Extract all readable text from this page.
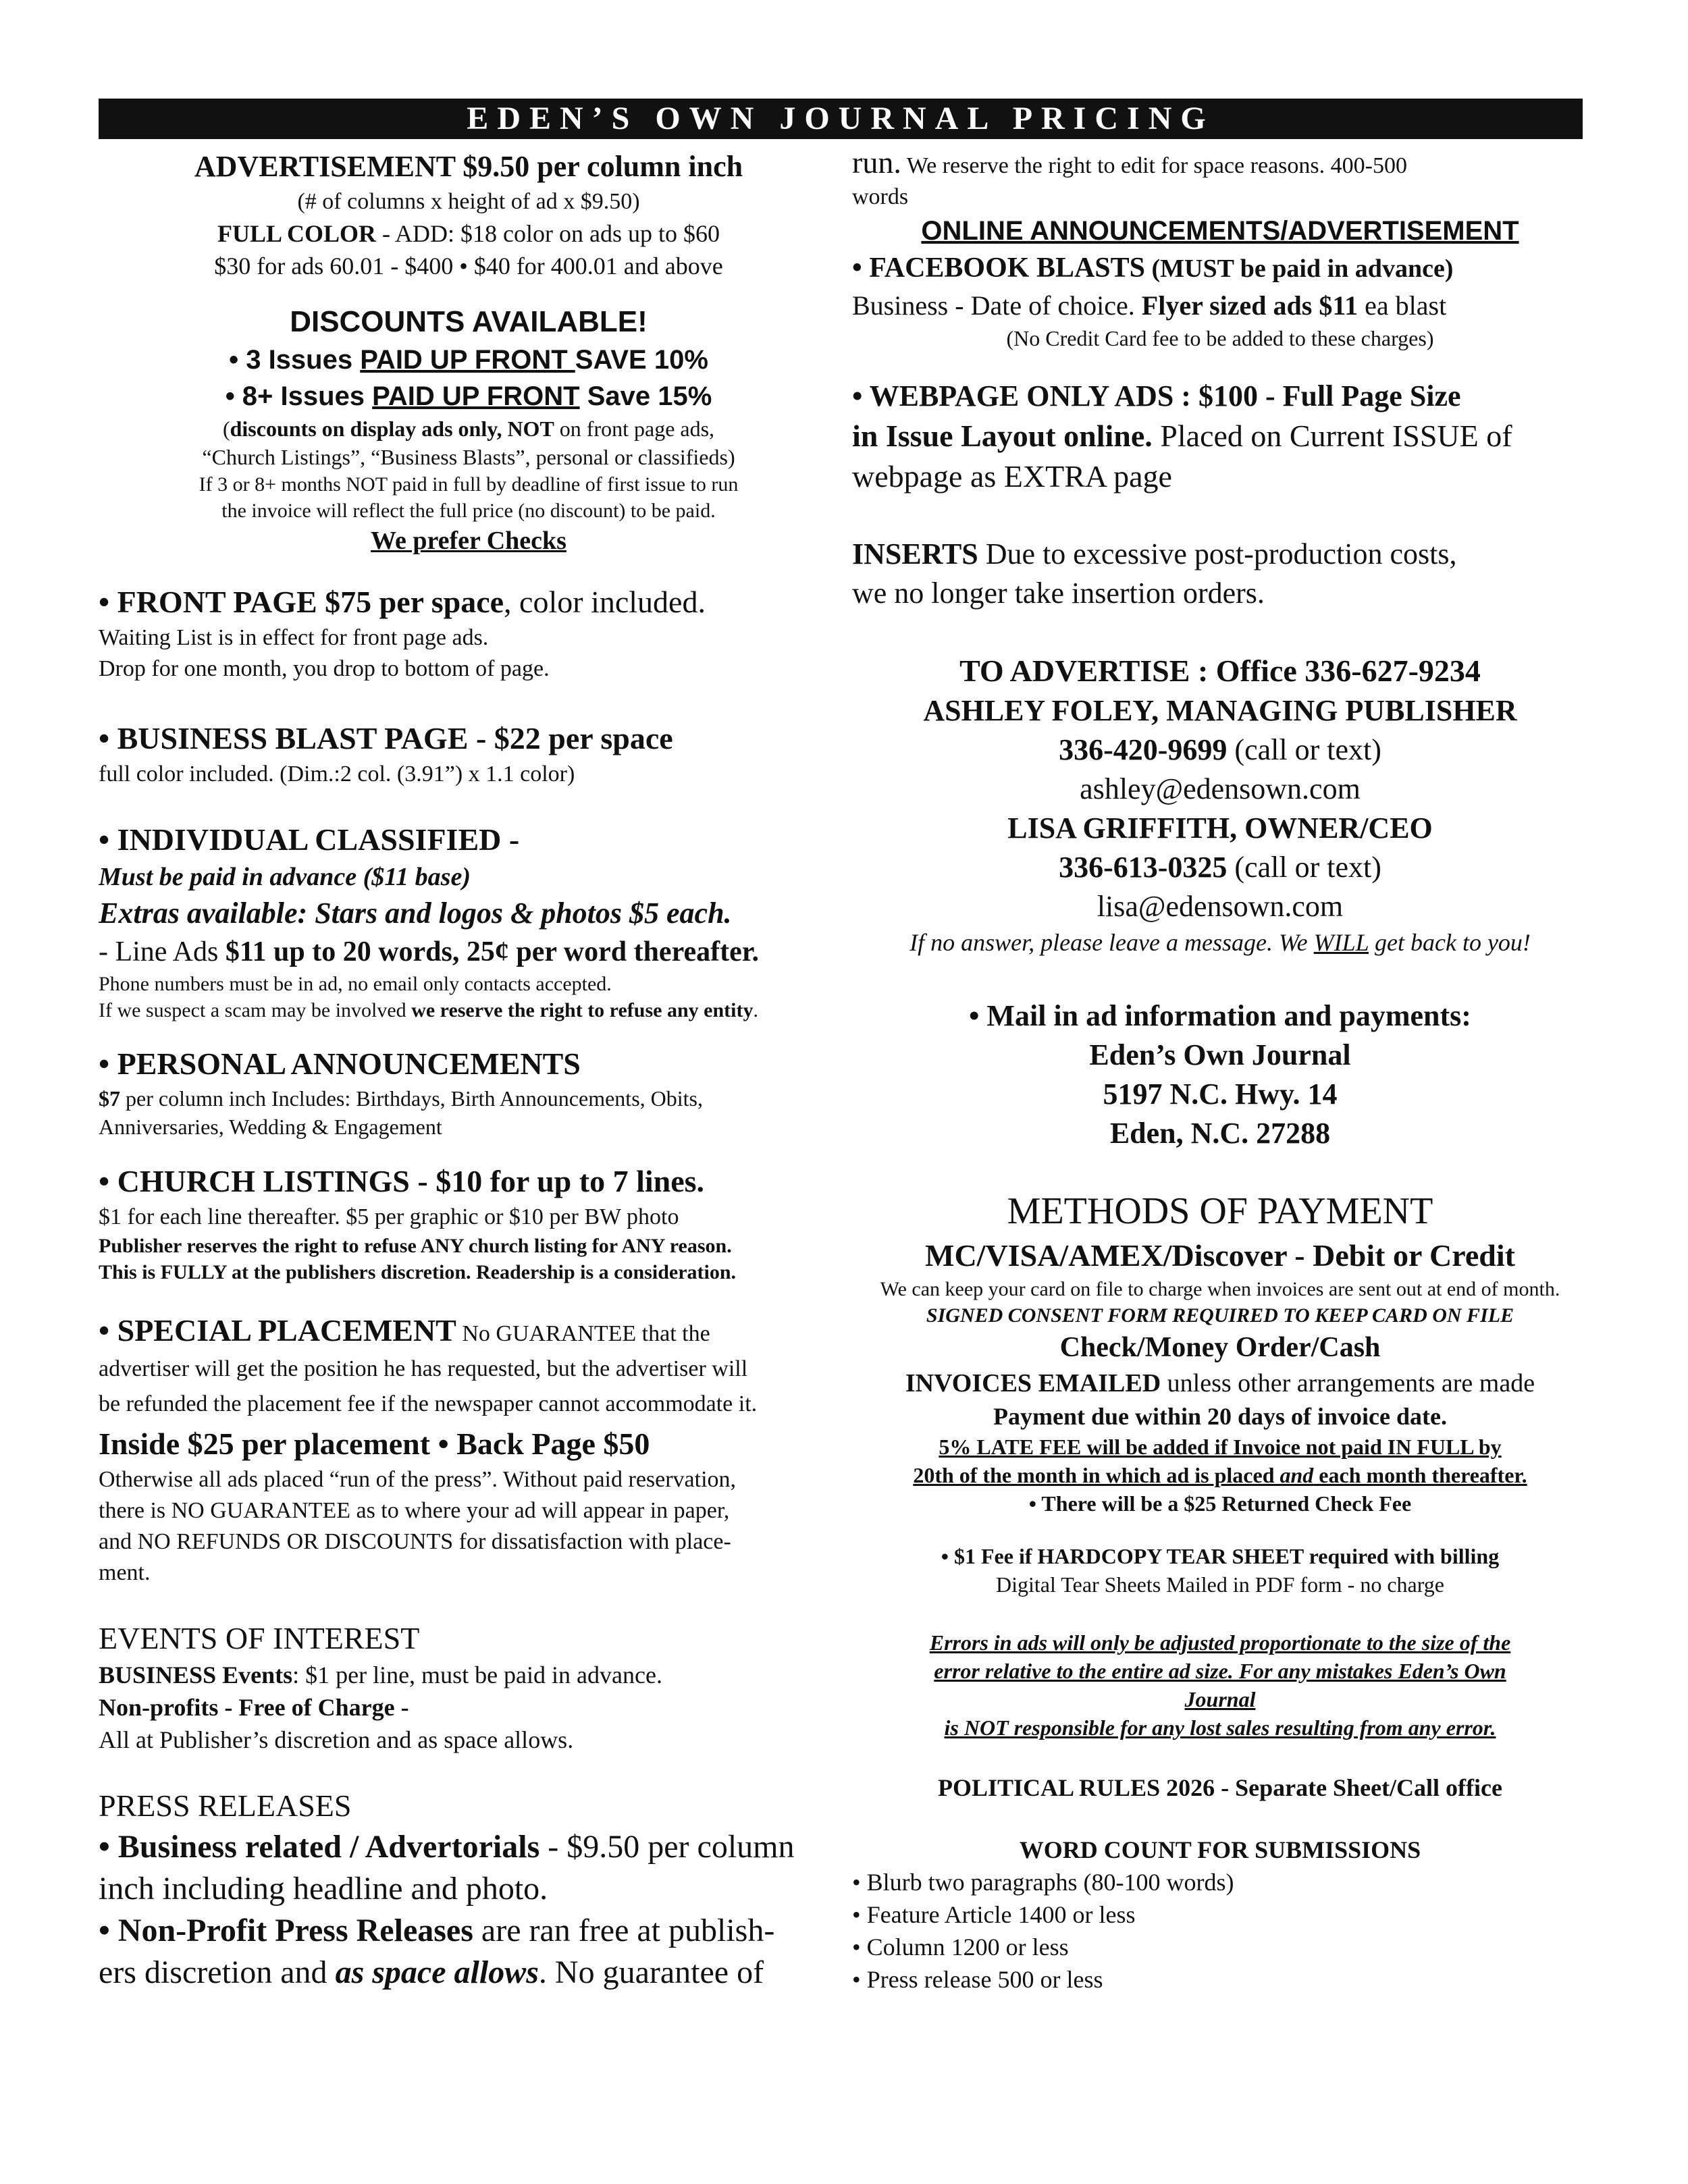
EDEN’S OWN JOURNAL PRICING

ADVERTISEMENT $9.50 per column inch

(# of columns x height of ad x $9.50)

FULL COLOR - ADD: $18 color on ads up to $60

$30 for ads 60.01 - $400 • $40 for 400.01 and above

DISCOUNTS AVAILABLE!

• 3 Issues PAID UP FRONT SAVE 10%

• 8+ Issues PAID UP FRONT Save 15%

(discounts on display ads only, NOT on front page ads,

“Church Listings”, “Business Blasts”, personal or classifieds)

If 3 or 8+ months NOT paid in full by deadline of first issue to run

the invoice will reflect the full price (no discount) to be paid.

We prefer Checks

• FRONT PAGE $75 per space, color included.

Waiting List is in effect for front page ads.

Drop for one month, you drop to bottom of page.

• BUSINESS BLAST PAGE - $22 per space

full color included. (Dim.:2 col. (3.91”) x 1.1 color)

• INDIVIDUAL CLASSIFIED -

Must be paid in advance ($11 base)

Extras available: Stars and logos & photos $5 each.

- Line Ads $11 up to 20 words, 25¢ per word thereafter.

Phone numbers must be in ad, no email only contacts accepted.

If we suspect a scam may be involved we reserve the right to refuse any entity.

• PERSONAL ANNOUNCEMENTS

$7 per column inch Includes: Birthdays, Birth Announcements, Obits,

Anniversaries, Wedding & Engagement

• CHURCH LISTINGS - $10 for up to 7 lines.

$1 for each line thereafter. $5 per graphic or $10 per BW photo

Publisher reserves the right to refuse ANY church listing for ANY reason.

This is FULLY at the publishers discretion. Readership is a consideration.

• SPECIAL PLACEMENT No GUARANTEE that the

advertiser will get the position he has requested, but the advertiser will

be refunded the placement fee if the newspaper cannot accommodate it.

Inside $25 per placement • Back Page $50

Otherwise all ads placed “run of the press”. Without paid reservation,

there is NO GUARANTEE as to where your ad will appear in paper,

and NO REFUNDS OR DISCOUNTS for dissatisfaction with place-

ment.

EVENTS OF INTEREST

BUSINESS Events: $1 per line, must be paid in advance.

Non-profits - Free of Charge -

All at Publisher’s discretion and as space allows.

PRESS RELEASES

• Business related / Advertorials - $9.50 per column

inch including headline and photo.

• Non-Profit Press Releases are ran free at publish-

ers discretion and as space allows. No guarantee of

run. We reserve the right to edit for space reasons. 400-500

words

ONLINE ANNOUNCEMENTS/ADVERTISEMENT

• FACEBOOK BLASTS (MUST be paid in advance)

Business - Date of choice. Flyer sized ads $11 ea blast

(No Credit Card fee to be added to these charges)

• WEBPAGE ONLY ADS : $100 - Full Page Size

in Issue Layout online. Placed on Current ISSUE of

webpage as EXTRA page

INSERTS Due to excessive post-production costs,

we no longer take insertion orders.

TO ADVERTISE : Office 336-627-9234

ASHLEY FOLEY, MANAGING PUBLISHER

336-420-9699 (call or text)

ashley@edensown.com

LISA GRIFFITH, OWNER/CEO

336-613-0325 (call or text)

lisa@edensown.com

If no answer, please leave a message. We WILL get back to you!

• Mail in ad information and payments:

Eden’s Own Journal

5197 N.C. Hwy. 14

Eden, N.C. 27288

METHODS OF PAYMENT

MC/VISA/AMEX/Discover - Debit or Credit

We can keep your card on file to charge when invoices are sent out at end of month.

SIGNED CONSENT FORM REQUIRED TO KEEP CARD ON FILE

Check/Money Order/Cash

INVOICES EMAILED unless other arrangements are made

Payment due within 20 days of invoice date.

5% LATE FEE will be added if Invoice not paid IN FULL by

20th of the month in which ad is placed and each month thereafter.

• There will be a $25 Returned Check Fee

• $1 Fee if HARDCOPY TEAR SHEET required with billing

Digital Tear Sheets Mailed in PDF form - no charge

Errors in ads will only be adjusted proportionate to the size of the

error relative to the entire ad size. For any mistakes Eden’s Own

Journal

is NOT responsible for any lost sales resulting from any error.

POLITICAL RULES 2026 - Separate Sheet/Call office

WORD COUNT FOR SUBMISSIONS

• Blurb two paragraphs (80-100 words)

• Feature Article 1400 or less

• Column 1200 or less

• Press release 500 or less
